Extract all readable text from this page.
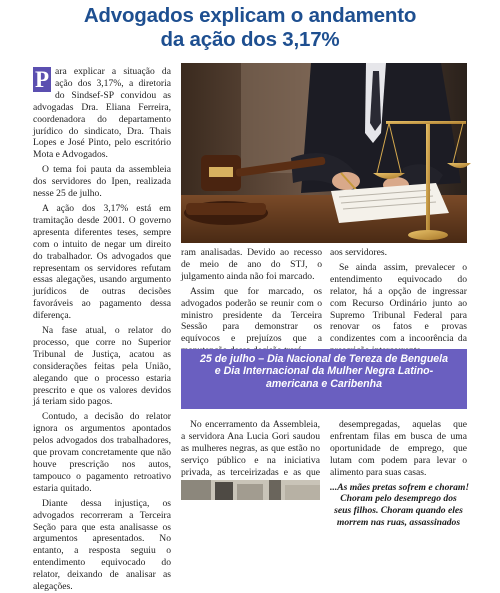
Advogados explicam o andamento
da ação dos 3,17%

P ara explicar a situação da ação dos 3,17%, a diretoria do Sindsef-SP convidou as advogadas Dra. Eliana Ferreira, coordenadora do departamento jurídico do sindicato, Dra. Thais Lopes e José Pinto, pelo escritório Mota e Advogados.

O tema foi pauta da assembleia dos servidores do Ipen, realizada nesse 25 de julho.

A ação dos 3,17% está em tramitação desde 2001. O governo apresenta diferentes teses, sempre com o intuito de negar um direito do trabalhador. Os advogados que representam os servidores refutam essas alegações, usando argumento jurídicos de outras decisões favoráveis ao pagamento dessa diferença.

Na fase atual, o relator do processo, que corre no Superior Tribunal de Justiça, acatou as considerações feitas pela União, alegando que o processo estaria prescrito e que os valores devidos já teriam sido pagos.

Contudo, a decisão do relator ignora os argumentos apontados pelos advogados dos trabalhadores, que provam concretamente que não houve prescrição nos autos, tampouco o pagamento retroativo estaria quitado.

Diante dessa injustiça, os advogados recorreram a Terceira Seção para que esta analisasse os argumentos apresentados. No entanto, a resposta seguiu o entendimento equivocado do relator, deixando de analisar as alegações.

ram analisadas. Devido ao recesso de meio de ano do STJ, o julgamento ainda não foi marcado.

Assim que for marcado, os advogados poderão se reunir com o ministro presidente da Terceira Sessão para demonstrar os equívocos e prejuízos que a

aos servidores.

Se ainda assim, prevalecer o entendimento equivocado do relator, há a opção de ingressar com Recurso Ordinário junto ao Supremo Tribunal Federal para renovar os fatos e provas condizentes com a incoorência da

25 de julho – Dia Nacional de Tereza de Benguela
e Dia Internacional da Mulher Negra Latino-
americana e Caribenha

No encerramento da Assembleia, a servidora Ana Lucia Gori saudou as mulheres negras, as que estão no serviço público e na iniciativa privada, as terceirizadas e as que

desempregadas, aquelas que enfrentam filas em busca de uma oportunidade de emprego, que lutam com podem para levar o alimento para suas casas.

...As mães pretas sofrem e choram!
Choram pelo desemprego dos
seus filhos. Choram quando eles
morrem nas ruas, assassinados
